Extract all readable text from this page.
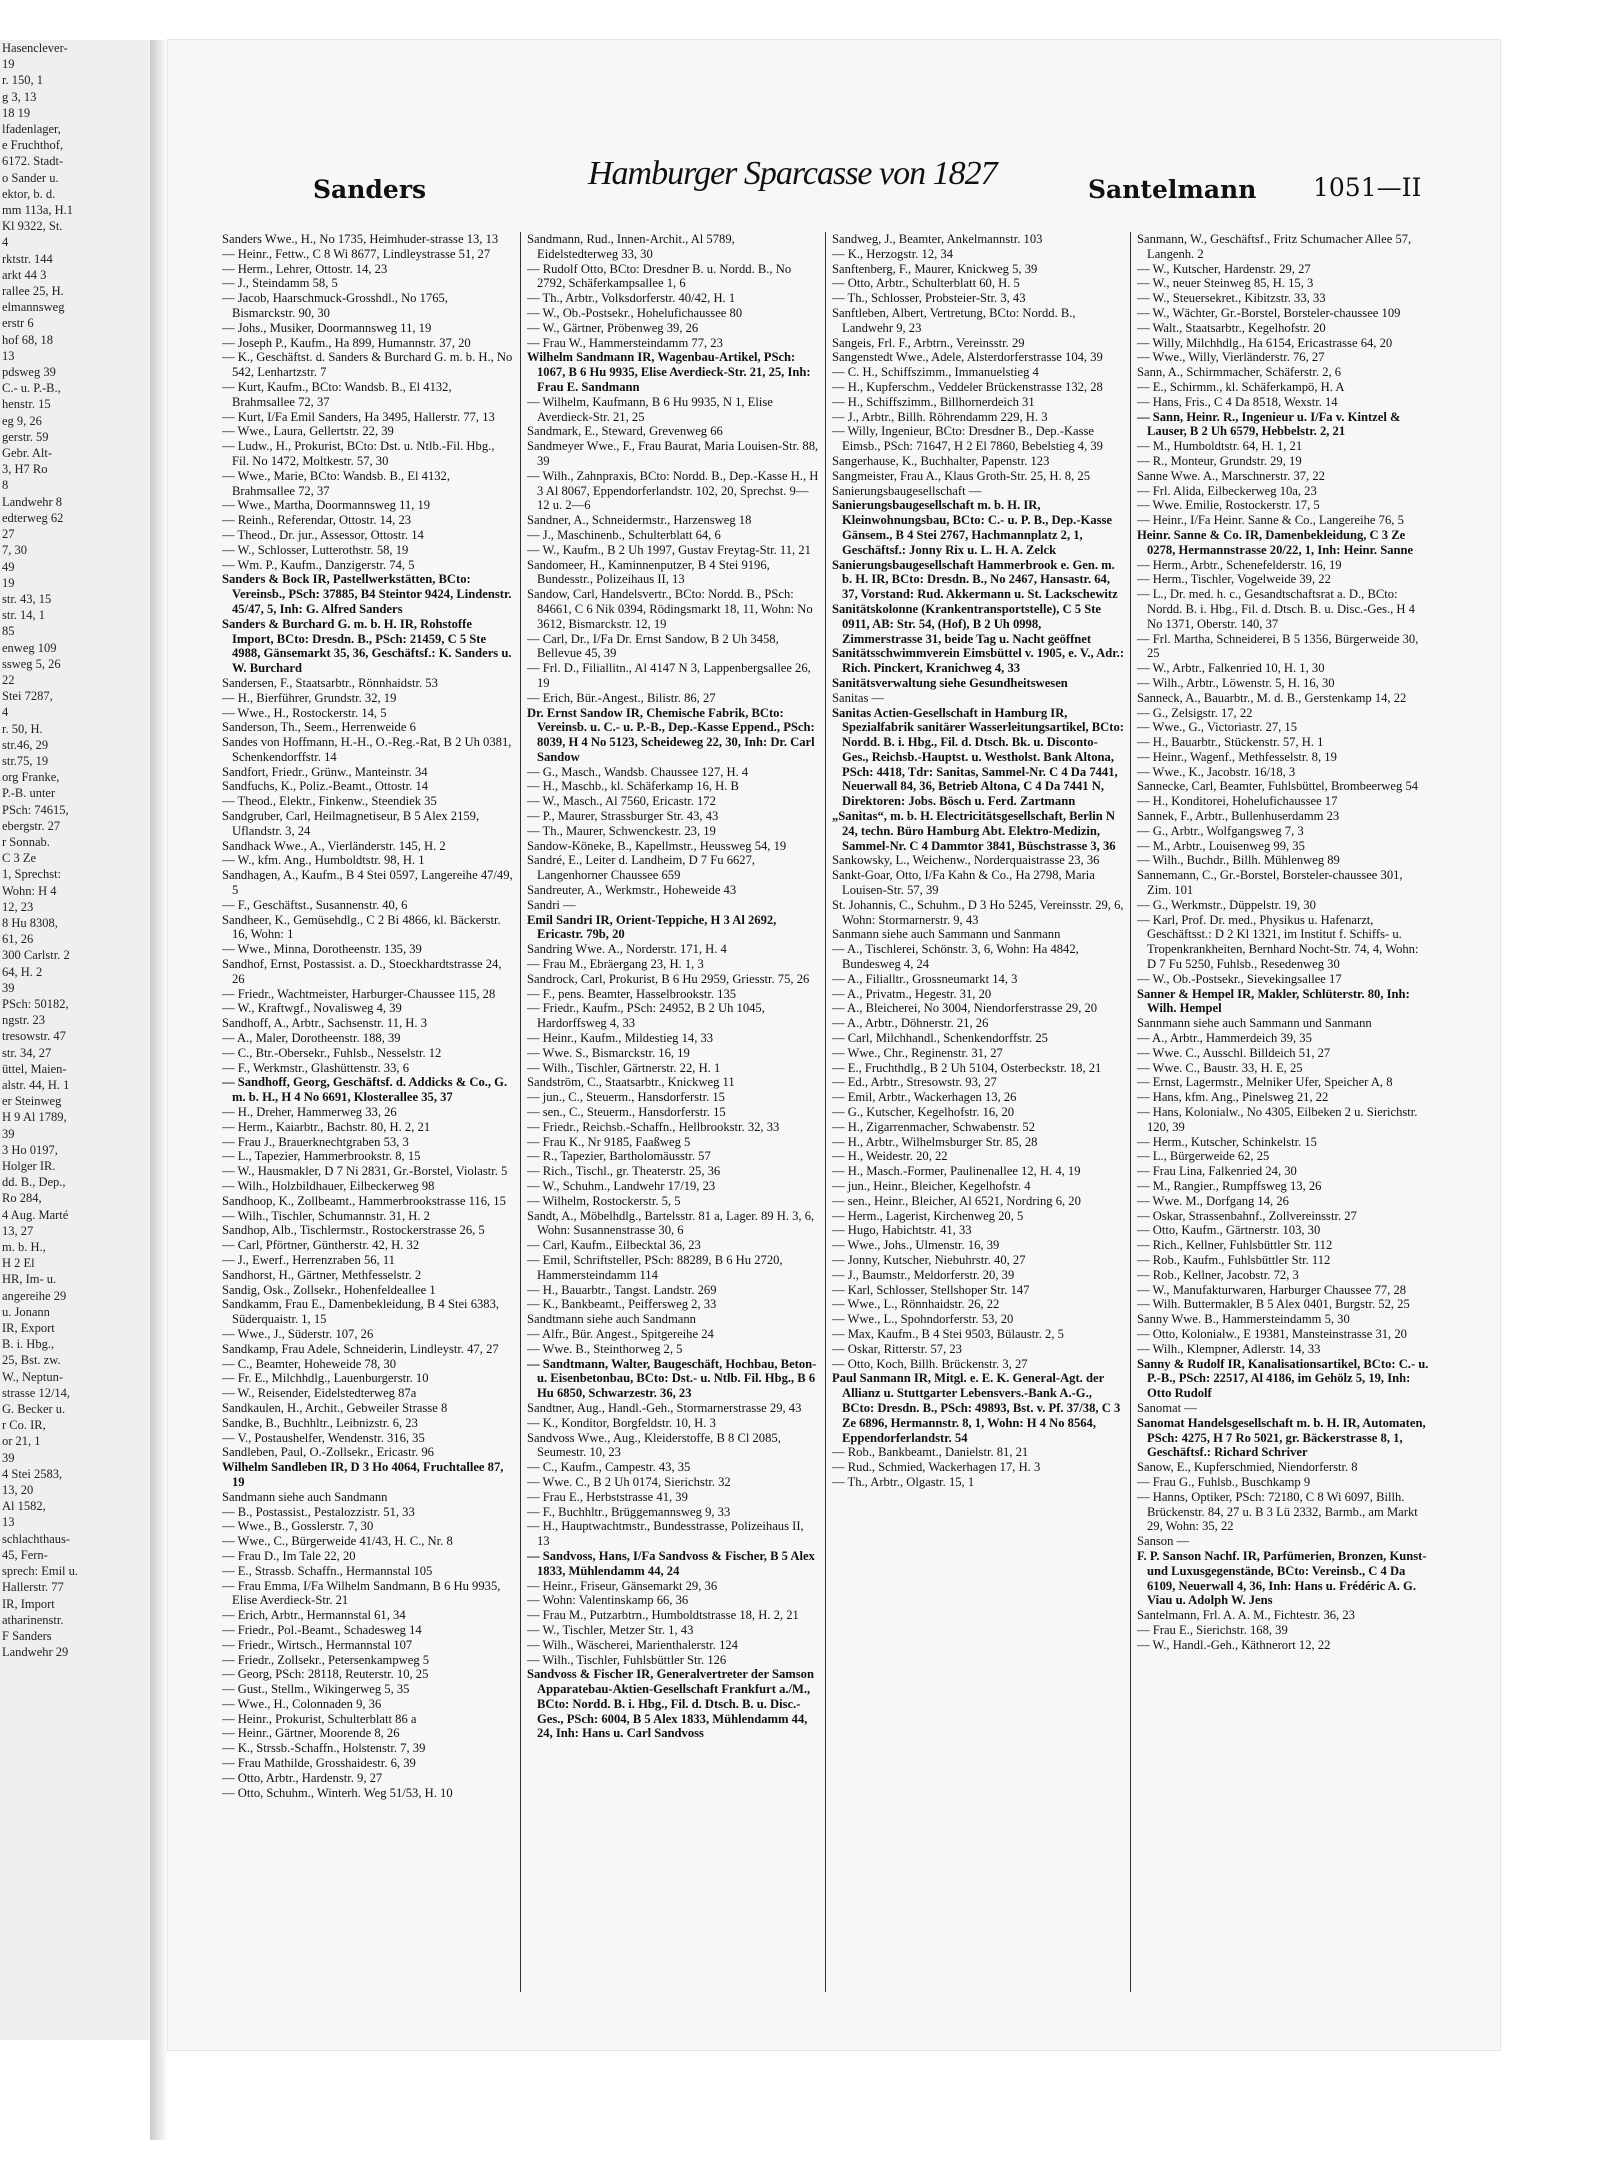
Hasenclever-
19
r. 150, 1
g 3, 13
18 19
lfadenlager,
e Fruchthof,
6172. Stadt-
o Sander u.
ektor, b. d.
mm 113a, H.1
Kl 9322, St.
4
rktstr. 144
arkt 44 3
rallee 25, H.
elmannsweg
erstr 6
hof 68, 18
13
pdsweg 39
C.- u. P.-B.,
henstr. 15
eg 9, 26
gerstr. 59
Gebr. Alt-
3, H7 Ro
8
Landwehr 8
edterweg 62
27
7, 30
49
19
str. 43, 15
str. 14, 1
85
enweg 109
ssweg 5, 26
22
Stei 7287,
4
r. 50, H.
str.46, 29
str.75, 19
org Franke,
P.-B. unter
PSch: 74615,
ebergstr. 27
r Sonnab.
C 3 Ze
1, Sprechst:
Wohn: H 4
12, 23
8 Hu 8308,
61, 26
300 Carlstr. 2
64, H. 2
39
PSch: 50182,
ngstr. 23
tresowstr. 47
str. 34, 27
üttel, Maien-
alstr. 44, H. 1
er Steinweg
H 9 Al 1789,
39
3 Ho 0197,
Holger IR.
dd. B., Dep.,
Ro 284,
4 Aug. Marté
13, 27
m. b. H.,
H 2 El
HR, Im- u.
angereihe 29
u. Jonann
IR, Export
B. i. Hbg.,
25, Bst. zw.
W., Neptun-
strasse 12/14,
G. Becker u.
r Co. IR,
or 21, 1
39
4 Stei 2583,
13, 20
Al 1582,
13
schlachthaus-
45, Fern-
sprech: Emil u.
Hallerstr. 77
IR, Import
atharinenstr.
F Sanders
Landwehr 29
Sanders	Hamburger Sparcasse von 1827	Santelmann 1051—II

Sanders Wwe., H., No 1735, Heimhuder-strasse 13, 13

— Heinr., Fettw., C 8 Wi 8677, Lindleystrasse 51, 27

— Herm., Lehrer, Ottostr. 14, 23

— J., Steindamm 58, 5

— Jacob, Haarschmuck-Grosshdl., No 1765, Bismarckstr. 90, 30

— Johs., Musiker, Doormannsweg 11, 19

— Joseph P., Kaufm., Ha 899, Humannstr. 37, 20

— K., Geschäftst. d. Sanders & Burchard G. m. b. H., No 542, Lenhartzstr. 7

— Kurt, Kaufm., BCto: Wandsb. B., El 4132, Brahmsallee 72, 37

— Kurt, I/Fa Emil Sanders, Ha 3495, Hallerstr. 77, 13

— Wwe., Laura, Gellertstr. 22, 39

— Ludw., H., Prokurist, BCto: Dst. u. Ntlb.-Fil. Hbg., Fil. No 1472, Moltkestr. 57, 30

— Wwe., Marie, BCto: Wandsb. B., El 4132, Brahmsallee 72, 37

— Wwe., Martha, Doormannsweg 11, 19

— Reinh., Referendar, Ottostr. 14, 23

— Theod., Dr. jur., Assessor, Ottostr. 14

— W., Schlosser, Lutterothstr. 58, 19

— Wm. P., Kaufm., Danzigerstr. 74, 5

Sanders & Bock IR, Pastellwerkstätten, BCto: Vereinsb., PSch: 37885, B4 Steintor 9424, Lindenstr. 45/47, 5, Inh: G. Alfred Sanders

Sanders & Burchard G. m. b. H. IR, Rohstoffe Import, BCto: Dresdn. B., PSch: 21459, C 5 Ste 4988, Gänsemarkt 35, 36, Geschäftsf.: K. Sanders u. W. Burchard

Sandersen, F., Staatsarbtr., Rönnhaidstr. 53

— H., Bierführer, Grundstr. 32, 19

— Wwe., H., Rostockerstr. 14, 5

Sanderson, Th., Seem., Herrenweide 6

Sandes von Hoffmann, H.-H., O.-Reg.-Rat, B 2 Uh 0381, Schenkendorffstr. 14

Sandfort, Friedr., Grünw., Manteinstr. 34

Sandfuchs, K., Poliz.-Beamt., Ottostr. 14

— Theod., Elektr., Finkenw., Steendiek 35

Sandgruber, Carl, Heilmagnetiseur, B 5 Alex 2159, Uflandstr. 3, 24

Sandhack Wwe., A., Vierländerstr. 145, H. 2

— W., kfm. Ang., Humboldtstr. 98, H. 1

Sandhagen, A., Kaufm., B 4 Stei 0597, Langereihe 47/49, 5

— F., Geschäftst., Susannenstr. 40, 6

Sandheer, K., Gemüsehdlg., C 2 Bi 4866, kl. Bäckerstr. 16, Wohn: 1

— Wwe., Minna, Dorotheenstr. 135, 39

Sandhof, Ernst, Postassist. a. D., Stoeckhardtstrasse 24, 26

— Friedr., Wachtmeister, Harburger-Chaussee 115, 28

— W., Kraftwgf., Novalisweg 4, 39

Sandhoff, A., Arbtr., Sachsenstr. 11, H. 3

— A., Maler, Dorotheenstr. 188, 39

— C., Btr.-Obersekr., Fuhlsb., Nesselstr. 12

— F., Werkmstr., Glashüttenstr. 33, 6

— Sandhoff, Georg, Geschäftsf. d. Addicks & Co., G. m. b. H., H 4 No 6691, Klosterallee 35, 37

— H., Dreher, Hammerweg 33, 26

— Herm., Kaiarbtr., Bachstr. 80, H. 2, 21

— Frau J., Brauerknechtgraben 53, 3

— L., Tapezier, Hammerbrookstr. 8, 15

— W., Hausmakler, D 7 Ni 2831, Gr.-Borstel, Violastr. 5

— Wilh., Holzbildhauer, Eilbeckerweg 98

Sandhoop, K., Zollbeamt., Hammerbrookstrasse 116, 15

— Wilh., Tischler, Schumannstr. 31, H. 2

Sandhop, Alb., Tischlermstr., Rostockerstrasse 26, 5

— Carl, Pförtner, Güntherstr. 42, H. 32

— J., Ewerf., Herrenzraben 56, 11

Sandhorst, H., Gärtner, Methfesselstr. 2

Sandig, Osk., Zollsekr., Hohenfeldeallee 1

Sandkamm, Frau E., Damenbekleidung, B 4 Stei 6383, Süderquaistr. 1, 15

— Wwe., J., Süderstr. 107, 26

Sandkamp, Frau Adele, Schneiderin, Lindleystr. 47, 27

— C., Beamter, Hoheweide 78, 30

— Fr. E., Milchhdlg., Lauenburgerstr. 10

— W., Reisender, Eidelstedterweg 87a

Sandkaulen, H., Archit., Gebweiler Strasse 8

Sandke, B., Buchhltr., Leibnizstr. 6, 23

— V., Postaushelfer, Wendenstr. 316, 35

Sandleben, Paul, O.-Zollsekr., Ericastr. 96

Wilhelm Sandleben IR, D 3 Ho 4064, Fruchtallee 87, 19

Sandmann siehe auch Sandmann

— B., Postassist., Pestalozzistr. 51, 33

— Wwe., B., Gosslerstr. 7, 30

— Wwe., C., Bürgerweide 41/43, H. C., Nr. 8

— Frau D., Im Tale 22, 20

— E., Strassb. Schaffn., Hermannstal 105

— Frau Emma, I/Fa Wilhelm Sandmann, B 6 Hu 9935, Elise Averdieck-Str. 21

— Erich, Arbtr., Hermannstal 61, 34

— Friedr., Pol.-Beamt., Schadesweg 14

— Friedr., Wirtsch., Hermannstal 107

— Friedr., Zollsekr., Petersenkampweg 5

— Georg, PSch: 28118, Reuterstr. 10, 25

— Gust., Stellm., Wikingerweg 5, 35

— Wwe., H., Colonnaden 9, 36

— Heinr., Prokurist, Schulterblatt 86 a

— Heinr., Gärtner, Moorende 8, 26

— K., Strssb.-Schaffn., Holstenstr. 7, 39

— Frau Mathilde, Grosshaidestr. 6, 39

— Otto, Arbtr., Hardenstr. 9, 27

— Otto, Schuhm., Winterh. Weg 51/53, H. 10

Sandmann, Rud., Innen-Archit., Al 5789, Eidelstedterweg 33, 30

— Rudolf Otto, BCto: Dresdner B. u. Nordd. B., No 2792, Schäferkampsallee 1, 6

— Th., Arbtr., Volksdorferstr. 40/42, H. 1

— W., Ob.-Postsekr., Hohelufichaussee 80

— W., Gärtner, Pröbenweg 39, 26

— Frau W., Hammersteindamm 77, 23

Wilhelm Sandmann IR, Wagenbau-Artikel, PSch: 1067, B 6 Hu 9935, Elise Averdieck-Str. 21, 25, Inh: Frau E. Sandmann

— Wilhelm, Kaufmann, B 6 Hu 9935, N 1, Elise Averdieck-Str. 21, 25

Sandmark, E., Steward, Grevenweg 66

Sandmeyer Wwe., F., Frau Baurat, Maria Louisen-Str. 88, 39

— Wilh., Zahnpraxis, BCto: Nordd. B., Dep.-Kasse H., H 3 Al 8067, Eppendorferlandstr. 102, 20, Sprechst. 9—12 u. 2—6

Sandner, A., Schneidermstr., Harzensweg 18

— J., Maschinenb., Schulterblatt 64, 6

— W., Kaufm., B 2 Uh 1997, Gustav Freytag-Str. 11, 21

Sandomeer, H., Kaminnenputzer, B 4 Stei 9196, Bundesstr., Polizeihaus II, 13

Sandow, Carl, Handelsvertr., BCto: Nordd. B., PSch: 84661, C 6 Nik 0394, Rödingsmarkt 18, 11, Wohn: No 3612, Bismarckstr. 12, 19

— Carl, Dr., I/Fa Dr. Ernst Sandow, B 2 Uh 3458, Bellevue 45, 39

— Frl. D., Filiallitn., Al 4147 N 3, Lappenbergsallee 26, 19

— Erich, Bür.-Angest., Bilistr. 86, 27

Dr. Ernst Sandow IR, Chemische Fabrik, BCto: Vereinsb. u. C.- u. P.-B., Dep.-Kasse Eppend., PSch: 8039, H 4 No 5123, Scheideweg 22, 30, Inh: Dr. Carl Sandow

— G., Masch., Wandsb. Chaussee 127, H. 4

— H., Maschb., kl. Schäferkamp 16, H. B

— W., Masch., Al 7560, Ericastr. 172

— P., Maurer, Strassburger Str. 43, 43

— Th., Maurer, Schwenckestr. 23, 19

Sandow-Köneke, B., Kapellmstr., Heussweg 54, 19

Sandré, E., Leiter d. Landheim, D 7 Fu 6627, Langenhorner Chaussee 659

Sandreuter, A., Werkmstr., Hoheweide 43

Sandri —

Emil Sandri IR, Orient-Teppiche, H 3 Al 2692, Ericastr. 79b, 20

Sandring Wwe. A., Norderstr. 171, H. 4

— Frau M., Ebräergang 23, H. 1, 3

Sandrock, Carl, Prokurist, B 6 Hu 2959, Griesstr. 75, 26

— F., pens. Beamter, Hasselbrookstr. 135

— Friedr., Kaufm., PSch: 24952, B 2 Uh 1045, Hardorffsweg 4, 33

— Heinr., Kaufm., Mildestieg 14, 33

— Wwe. S., Bismarckstr. 16, 19

— Wilh., Tischler, Gärtnerstr. 22, H. 1

Sandström, C., Staatsarbtr., Knickweg 11

— jun., C., Steuerm., Hansdorferstr. 15

— sen., C., Steuerm., Hansdorferstr. 15

— Friedr., Reichsb.-Schaffn., Hellbrookstr. 32, 33

— Frau K., Nr 9185, Faaßweg 5

— R., Tapezier, Bartholomäusstr. 57

— Rich., Tischl., gr. Theaterstr. 25, 36

— W., Schuhm., Landwehr 17/19, 23

— Wilhelm, Rostockerstr. 5, 5

Sandt, A., Möbelhdlg., Bartelsstr. 81 a, Lager. 89 H. 3, 6, Wohn: Susannenstrasse 30, 6

— Carl, Kaufm., Eilbecktal 36, 23

— Emil, Schriftsteller, PSch: 88289, B 6 Hu 2720, Hammersteindamm 114

— H., Bauarbtr., Tangst. Landstr. 269

— K., Bankbeamt., Peiffersweg 2, 33

Sandtmann siehe auch Sandmann

— Alfr., Bür. Angest., Spitgereihe 24

— Wwe. B., Steinthorweg 2, 5

— Sandtmann, Walter, Baugeschäft, Hochbau, Beton- u. Eisenbetonbau, BCto: Dst.- u. Ntlb. Fil. Hbg., B 6 Hu 6850, Schwarzestr. 36, 23

Sandtner, Aug., Handl.-Geh., Stormarnerstrasse 29, 43

— K., Konditor, Borgfeldstr. 10, H. 3

Sandvoss Wwe., Aug., Kleiderstoffe, B 8 Cl 2085, Seumestr. 10, 23

— C., Kaufm., Campestr. 43, 35

— Wwe. C., B 2 Uh 0174, Sierichstr. 32

— Frau E., Herbststrasse 41, 39

— F., Buchhltr., Brüggemannsweg 9, 33

— H., Hauptwachtmstr., Bundesstrasse, Polizeihaus II, 13

— Sandvoss, Hans, I/Fa Sandvoss & Fischer, B 5 Alex 1833, Mühlendamm 44, 24

— Heinr., Friseur, Gänsemarkt 29, 36

— Wohn: Valentinskamp 66, 36

— Frau M., Putzarbtrn., Humboldtstrasse 18, H. 2, 21

— W., Tischler, Metzer Str. 1, 43

— Wilh., Wäscherei, Marienthalerstr. 124

— Wilh., Tischler, Fuhlsbüttler Str. 126

Sandvoss & Fischer IR, Generalvertreter der Samson Apparatebau-Aktien-Gesellschaft Frankfurt a./M., BCto: Nordd. B. i. Hbg., Fil. d. Dtsch. B. u. Disc.-Ges., PSch: 6004, B 5 Alex 1833, Mühlendamm 44, 24, Inh: Hans u. Carl Sandvoss

Sandweg, J., Beamter, Ankelmannstr. 103

— K., Herzogstr. 12, 34

Sanftenberg, F., Maurer, Knickweg 5, 39

— Otto, Arbtr., Schulterblatt 60, H. 5

— Th., Schlosser, Probsteier-Str. 3, 43

Sanftleben, Albert, Vertretung, BCto: Nordd. B., Landwehr 9, 23

Sangeis, Frl. F., Arbtrn., Vereinsstr. 29

Sangenstedt Wwe., Adele, Alsterdorferstrasse 104, 39

— C. H., Schiffszimm., Immanuelstieg 4

— H., Kupferschm., Veddeler Brückenstrasse 132, 28

— H., Schiffszimm., Billhornerdeich 31

— J., Arbtr., Billh. Röhrendamm 229, H. 3

— Willy, Ingenieur, BCto: Dresdner B., Dep.-Kasse Eimsb., PSch: 71647, H 2 El 7860, Bebelstieg 4, 39

Sangerhause, K., Buchhalter, Papenstr. 123

Sangmeister, Frau A., Klaus Groth-Str. 25, H. 8, 25

Sanierungsbaugesellschaft —

Sanierungsbaugesellschaft m. b. H. IR, Kleinwohnungsbau, BCto: C.- u. P. B., Dep.-Kasse Gänsem., B 4 Stei 2767, Hachmannplatz 2, 1, Geschäftsf.: Jonny Rix u. L. H. A. Zelck

Sanierungsbaugesellschaft Hammerbrook e. Gen. m. b. H. IR, BCto: Dresdn. B., No 2467, Hansastr. 64, 37, Vorstand: Rud. Akkermann u. St. Lackschewitz

Sanitätskolonne (Krankentransportstelle), C 5 Ste 0911, AB: Str. 54, (Hof), B 2 Uh 0998, Zimmerstrasse 31, beide Tag u. Nacht geöffnet

Sanitätsschwimmverein Eimsbüttel v. 1905, e. V., Adr.: Rich. Pinckert, Kranichweg 4, 33

Sanitätsverwaltung siehe Gesundheitswesen

Sanitas —

Sanitas Actien-Gesellschaft in Hamburg IR, Spezialfabrik sanitärer Wasserleitungsartikel, BCto: Nordd. B. i. Hbg., Fil. d. Dtsch. Bk. u. Disconto-Ges., Reichsb.-Hauptst. u. Westholst. Bank Altona, PSch: 4418, Tdr: Sanitas, Sammel-Nr. C 4 Da 7441, Neuerwall 84, 36, Betrieb Altona, C 4 Da 7441 N, Direktoren: Jobs. Bösch u. Ferd. Zartmann

„Sanitas“, m. b. H. Electricitätsgesellschaft, Berlin N 24, techn. Büro Hamburg Abt. Elektro-Medizin, Sammel-Nr. C 4 Dammtor 3841, Büschstrasse 3, 36

Sankowsky, L., Weichenw., Norderquaistrasse 23, 36

Sankt-Goar, Otto, I/Fa Kahn & Co., Ha 2798, Maria Louisen-Str. 57, 39

St. Johannis, C., Schuhm., D 3 Ho 5245, Vereinsstr. 29, 6, Wohn: Stormarnerstr. 9, 43

Sanmann siehe auch Sammann und Sanmann

— A., Tischlerei, Schönstr. 3, 6, Wohn: Ha 4842, Bundesweg 4, 24

— A., Filialltr., Grossneumarkt 14, 3

— A., Privatm., Hegestr. 31, 20

— A., Bleicherei, No 3004, Niendorferstrasse 29, 20

— A., Arbtr., Döhnerstr. 21, 26

— Carl, Milchhandl., Schenkendorffstr. 25

— Wwe., Chr., Reginenstr. 31, 27

— E., Fruchthdlg., B 2 Uh 5104, Osterbeckstr. 18, 21

— Ed., Arbtr., Stresowstr. 93, 27

— Emil, Arbtr., Wackerhagen 13, 26

— G., Kutscher, Kegelhofstr. 16, 20

— H., Zigarrenmacher, Schwabenstr. 52

— H., Arbtr., Wilhelmsburger Str. 85, 28

— H., Weidestr. 20, 22

— H., Masch.-Former, Paulinenallee 12, H. 4, 19

— jun., Heinr., Bleicher, Kegelhofstr. 4

— sen., Heinr., Bleicher, Al 6521, Nordring 6, 20

— Herm., Lagerist, Kirchenweg 20, 5

— Hugo, Habichtstr. 41, 33

— Wwe., Johs., Ulmenstr. 16, 39

— Jonny, Kutscher, Niebuhrstr. 40, 27

— J., Baumstr., Meldorferstr. 20, 39

— Karl, Schlosser, Stellshoper Str. 147

— Wwe., L., Rönnhaidstr. 26, 22

— Wwe., L., Spohndorferstr. 53, 20

— Max, Kaufm., B 4 Stei 9503, Bülaustr. 2, 5

— Oskar, Ritterstr. 57, 23

— Otto, Koch, Billh. Brückenstr. 3, 27

Paul Sanmann IR, Mitgl. e. E. K. General-Agt. der Allianz u. Stuttgarter Lebensvers.-Bank A.-G., BCto: Dresdn. B., PSch: 49893, Bst. v. Pf. 37/38, C 3 Ze 6896, Hermannstr. 8, 1, Wohn: H 4 No 8564, Eppendorferlandstr. 54

— Rob., Bankbeamt., Danielstr. 81, 21

— Rud., Schmied, Wackerhagen 17, H. 3

— Th., Arbtr., Olgastr. 15, 1

Sanmann, W., Geschäftsf., Fritz Schumacher Allee 57, Langenh. 2

— W., Kutscher, Hardenstr. 29, 27

— W., neuer Steinweg 85, H. 15, 3

— W., Steuersekret., Kibitzstr. 33, 33

— W., Wächter, Gr.-Borstel, Borsteler-chaussee 109

— Walt., Staatsarbtr., Kegelhofstr. 20

— Willy, Milchhdlg., Ha 6154, Ericastrasse 64, 20

— Wwe., Willy, Vierländerstr. 76, 27

Sann, A., Schirmmacher, Schäferstr. 2, 6

— E., Schirmm., kl. Schäferkampö, H. A

— Hans, Fris., C 4 Da 8518, Wexstr. 14

— Sann, Heinr. R., Ingenieur u. I/Fa v. Kintzel & Lauser, B 2 Uh 6579, Hebbelstr. 2, 21

— M., Humboldtstr. 64, H. 1, 21

— R., Monteur, Grundstr. 29, 19

Sanne Wwe. A., Marschnerstr. 37, 22

— Frl. Alida, Eilbeckerweg 10a, 23

— Wwe. Emilie, Rostockerstr. 17, 5

— Heinr., I/Fa Heinr. Sanne & Co., Langereihe 76, 5

Heinr. Sanne & Co. IR, Damenbekleidung, C 3 Ze 0278, Hermannstrasse 20/22, 1, Inh: Heinr. Sanne

— Herm., Arbtr., Schenefelderstr. 16, 19

— Herm., Tischler, Vogelweide 39, 22

— L., Dr. med. h. c., Gesandtschaftsrat a. D., BCto: Nordd. B. i. Hbg., Fil. d. Dtsch. B. u. Disc.-Ges., H 4 No 1371, Oberstr. 140, 37

— Frl. Martha, Schneiderei, B 5 1356, Bürgerweide 30, 25

— W., Arbtr., Falkenried 10, H. 1, 30

— Wilh., Arbtr., Löwenstr. 5, H. 16, 30

Sanneck, A., Bauarbtr., M. d. B., Gerstenkamp 14, 22

— G., Zelsigstr. 17, 22

— Wwe., G., Victoriastr. 27, 15

— H., Bauarbtr., Stückenstr. 57, H. 1

— Heinr., Wagenf., Methfesselstr. 8, 19

— Wwe., K., Jacobstr. 16/18, 3

Sannecke, Carl, Beamter, Fuhlsbüttel, Brombeerweg 54

— H., Konditorei, Hohelufichaussee 17

Sannek, F., Arbtr., Bullenhuserdamm 23

— G., Arbtr., Wolfgangsweg 7, 3

— M., Arbtr., Louisenweg 99, 35

— Wilh., Buchdr., Billh. Mühlenweg 89

Sannemann, C., Gr.-Borstel, Borsteler-chaussee 301, Zim. 101

— G., Werkmstr., Düppelstr. 19, 30

— Karl, Prof. Dr. med., Physikus u. Hafenarzt, Geschäftsst.: D 2 Kl 1321, im Institut f. Schiffs- u. Tropenkrankheiten, Bernhard Nocht-Str. 74, 4, Wohn: D 7 Fu 5250, Fuhlsb., Resedenweg 30

— W., Ob.-Postsekr., Sievekingsallee 17

Sanner & Hempel IR, Makler, Schlüterstr. 80, Inh: Wilh. Hempel

Sannmann siehe auch Sammann und Sanmann

— A., Arbtr., Hammerdeich 39, 35

— Wwe. C., Ausschl. Billdeich 51, 27

— Wwe. C., Baustr. 33, H. E, 25

— Ernst, Lagermstr., Melniker Ufer, Speicher A, 8

— Hans, kfm. Ang., Pinelsweg 21, 22

— Hans, Kolonialw., No 4305, Eilbeken 2 u. Sierichstr. 120, 39

— Herm., Kutscher, Schinkelstr. 15

— L., Bürgerweide 62, 25

— Frau Lina, Falkenried 24, 30

— M., Rangier., Rumpffsweg 13, 26

— Wwe. M., Dorfgang 14, 26

— Oskar, Strassenbahnf., Zollvereinsstr. 27

— Otto, Kaufm., Gärtnerstr. 103, 30

— Rich., Kellner, Fuhlsbüttler Str. 112

— Rob., Kaufm., Fuhlsbüttler Str. 112

— Rob., Kellner, Jacobstr. 72, 3

— W., Manufakturwaren, Harburger Chaussee 77, 28

— Wilh. Buttermakler, B 5 Alex 0401, Burgstr. 52, 25

Sanny Wwe. B., Hammersteindamm 5, 30

— Otto, Kolonialw., E 19381, Mansteinstrasse 31, 20

— Wilh., Klempner, Adlerstr. 14, 33

Sanny & Rudolf IR, Kanalisationsartikel, BCto: C.- u. P.-B., PSch: 22517, Al 4186, im Gehölz 5, 19, Inh: Otto Rudolf

Sanomat —

Sanomat Handelsgesellschaft m. b. H. IR, Automaten, PSch: 4275, H 7 Ro 5021, gr. Bäckerstrasse 8, 1, Geschäftsf.: Richard Schriver

Sanow, E., Kupferschmied, Niendorferstr. 8

— Frau G., Fuhlsb., Buschkamp 9

— Hanns, Optiker, PSch: 72180, C 8 Wi 6097, Billh. Brückenstr. 84, 27 u. B 3 Lü 2332, Barmb., am Markt 29, Wohn: 35, 22

Sanson —

F. P. Sanson Nachf. IR, Parfümerien, Bronzen, Kunst- und Luxusgegenstände, BCto: Vereinsb., C 4 Da 6109, Neuerwall 4, 36, Inh: Hans u. Frédéric A. G. Viau u. Adolph W. Jens

Santelmann, Frl. A. A. M., Fichtestr. 36, 23

— Frau E., Sierichstr. 168, 39

— W., Handl.-Geh., Käthnerort 12, 22
